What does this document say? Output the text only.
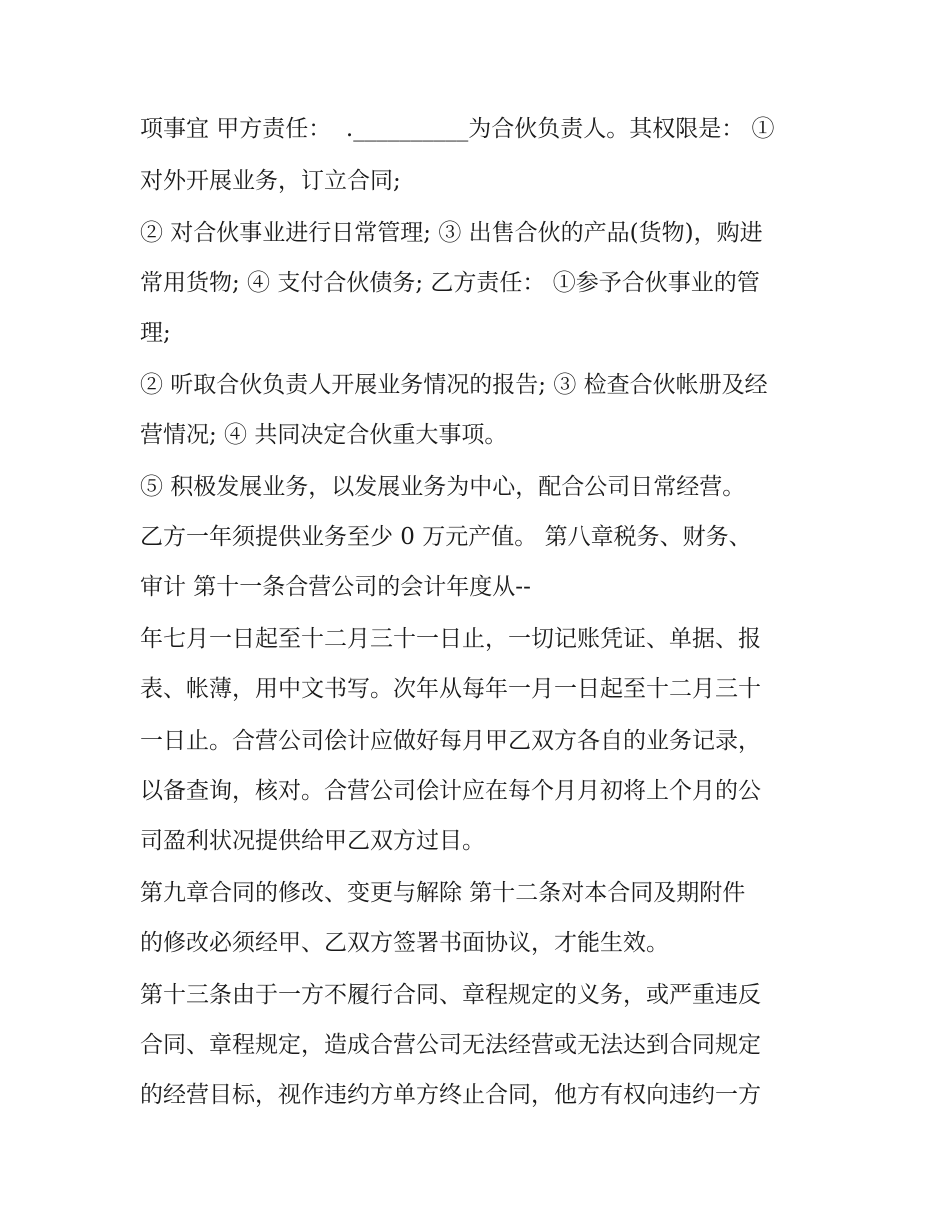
项事宜 甲方责任：  .__________为合伙负责人。其权限是： ①
对外开展业务，订立合同;
② 对合伙事业进行日常管理; ③ 出售合伙的产品(货物)，购进
常用货物; ④ 支付合伙债务; 乙方责任： ①参予合伙事业的管
理;
② 听取合伙负责人开展业务情况的报告; ③ 检查合伙帐册及经
营情况; ④ 共同决定合伙重大事项。
⑤ 积极发展业务，以发展业务为中心，配合公司日常经营。
乙方一年须提供业务至少 0 万元产值。 第八章税务、财务、
审计 第十一条合营公司的会计年度从--
年七月一日起至十二月三十一日止，一切记账凭证、单据、报
表、帐薄，用中文书写。次年从每年一月一日起至十二月三十
一日止。合营公司侩计应做好每月甲乙双方各自的业务记录，
以备查询，核对。合营公司侩计应在每个月月初将上个月的公
司盈利状况提供给甲乙双方过目。
第九章合同的修改、变更与解除 第十二条对本合同及期附件
的修改必须经甲、乙双方签署书面协议，才能生效。
第十三条由于一方不履行合同、章程规定的义务，或严重违反
合同、章程规定，造成合营公司无法经营或无法达到合同规定
的经营目标，视作违约方单方终止合同，他方有权向违约一方
